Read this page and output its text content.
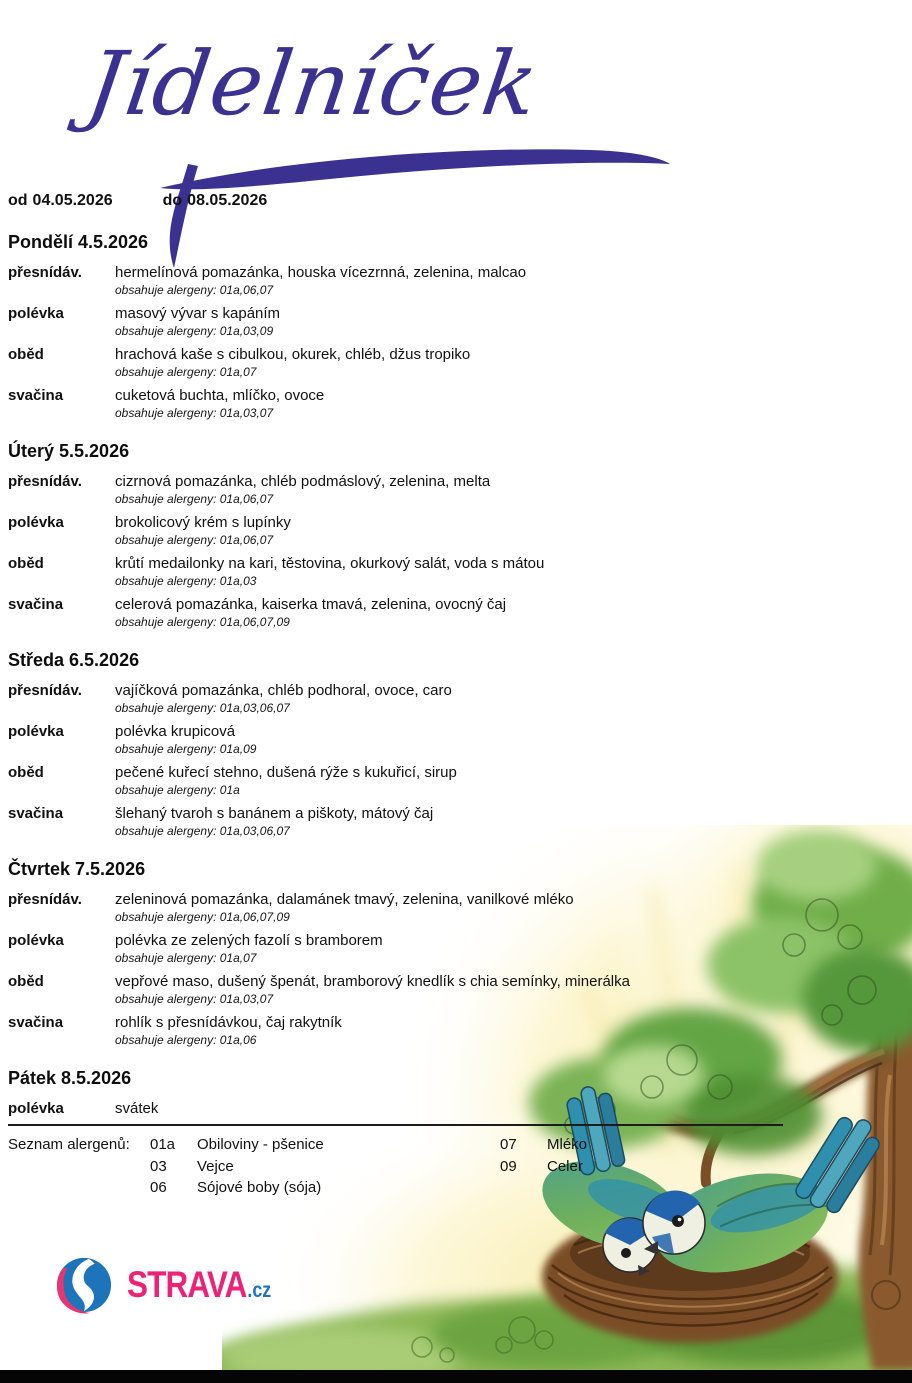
Jídelníček
od 04.05.2026	do 08.05.2026
Pondělí 4.5.2026
přesnídáv.	hermelínová pomazánka, houska vícezrnná, zelenina, malcao
obsahuje alergeny: 01a,06,07
polévka	masový vývar s kapáním
obsahuje alergeny: 01a,03,09
oběd	hrachová kaše s cibulkou, okurek, chléb, džus tropiko
obsahuje alergeny: 01a,07
svačina	cuketová buchta, mlíčko, ovoce
obsahuje alergeny: 01a,03,07
Úterý 5.5.2026
přesnídáv.	cizrnová pomazánka, chléb podmáslový, zelenina, melta
obsahuje alergeny: 01a,06,07
polévka	brokolicový krém s lupínky
obsahuje alergeny: 01a,06,07
oběd	krůtí medailonky na kari, těstovina, okurkový salát, voda s mátou
obsahuje alergeny: 01a,03
svačina	celerová pomazánka, kaiserka tmavá, zelenina, ovocný čaj
obsahuje alergeny: 01a,06,07,09
Středa 6.5.2026
přesnídáv.	vajíčková pomazánka, chléb podhoral, ovoce, caro
obsahuje alergeny: 01a,03,06,07
polévka	polévka krupicová
obsahuje alergeny: 01a,09
oběd	pečené kuřecí stehno, dušená rýže s kukuřicí, sirup
obsahuje alergeny: 01a
svačina	šlehaný tvaroh s banánem a piškoty, mátový čaj
obsahuje alergeny: 01a,03,06,07
Čtvrtek 7.5.2026
přesnídáv.	zeleninová pomazánka, dalamánek tmavý, zelenina, vanilkové mléko
obsahuje alergeny: 01a,06,07,09
polévka	polévka ze zelených fazolí s bramborem
obsahuje alergeny: 01a,07
oběd	vepřové maso, dušený špenát, bramborový knedlík s chia semínky, minerálka
obsahuje alergeny: 01a,03,07
svačina	rohlík s přesnídávkou, čaj rakytník
obsahuje alergeny: 01a,06
Pátek 8.5.2026
polévka	svátek
Seznam alergenů: 01a Obiloviny - pšenice
03 Vejce
06 Sójové boby (sója)
07 Mléko
09 Celer
STRAVA .cz
